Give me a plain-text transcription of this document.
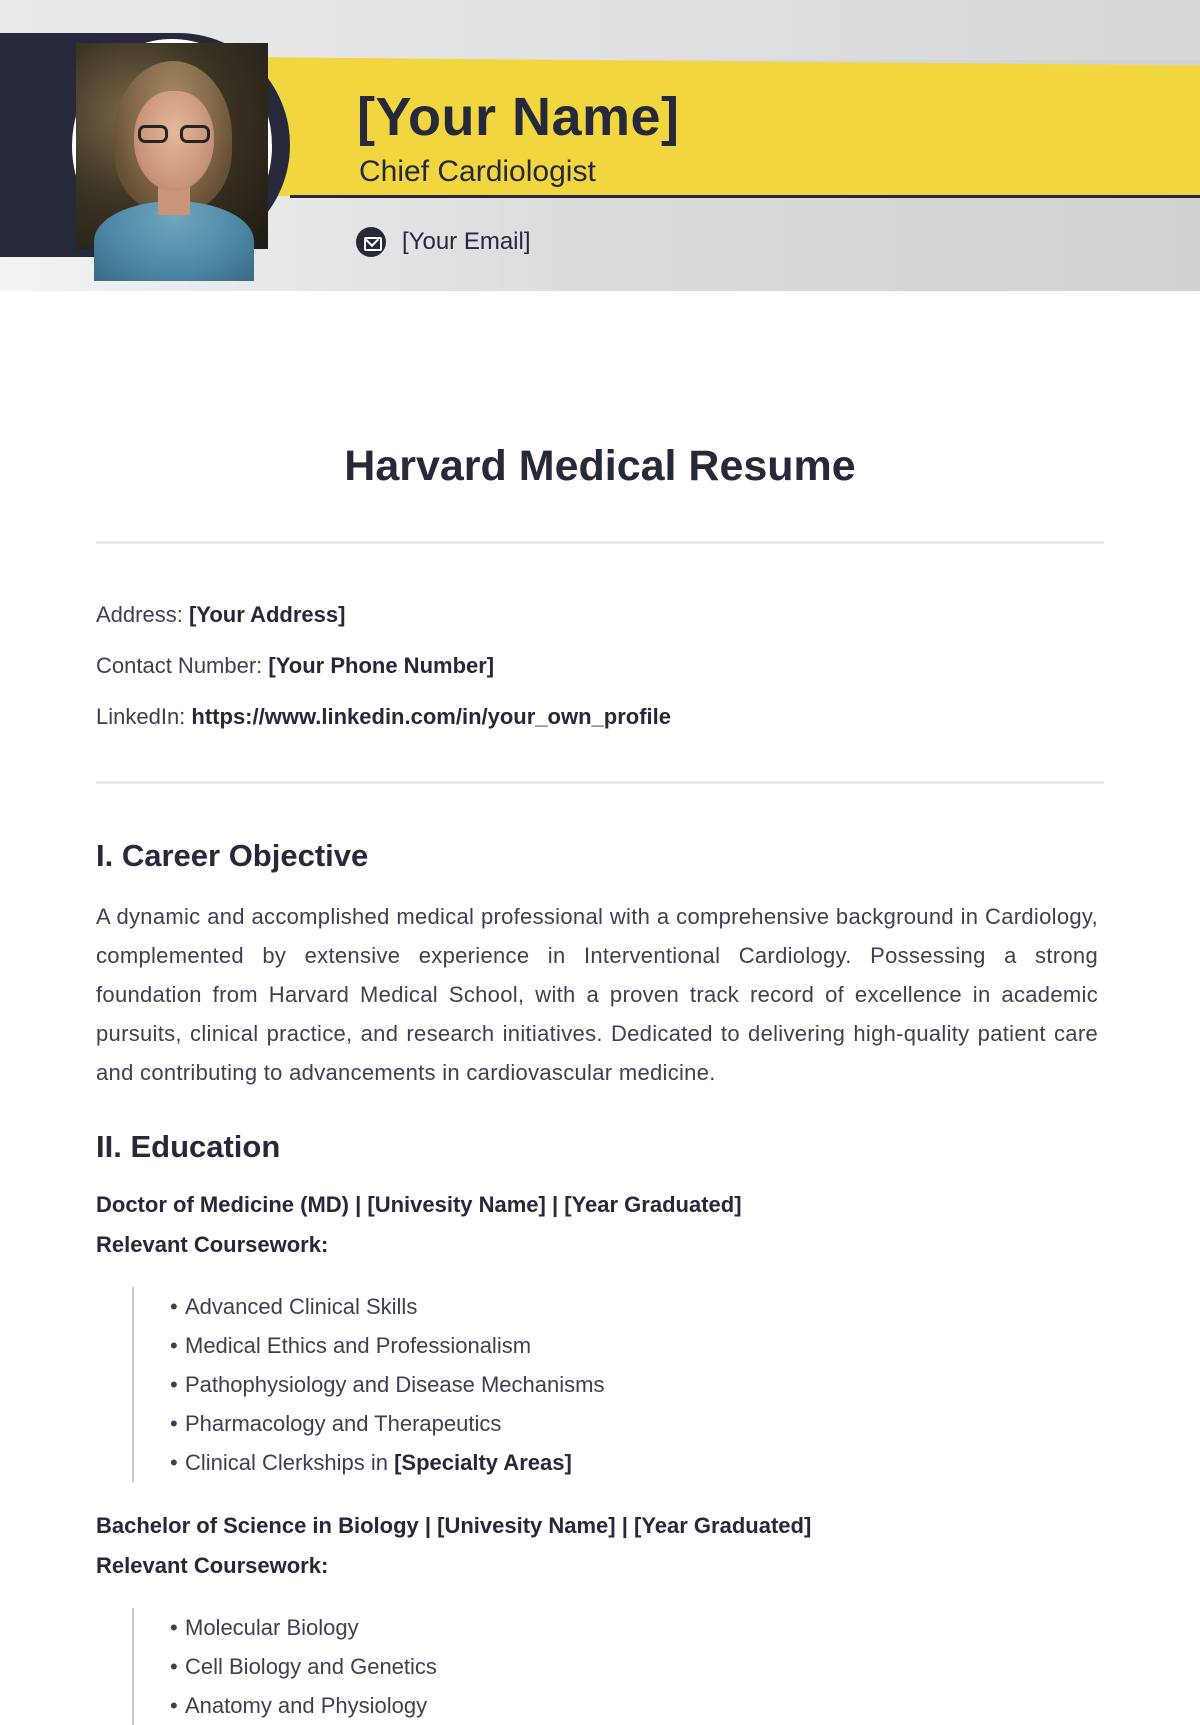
[Your Name]
Chief Cardiologist
[Your Email]
Harvard Medical Resume
Address: [Your Address]
Contact Number: [Your Phone Number]
LinkedIn: https://www.linkedin.com/in/your_own_profile
I. Career Objective

A dynamic and accomplished medical professional with a comprehensive background in Cardiology, complemented by extensive experience in Interventional Cardiology. Possessing a strong foundation from Harvard Medical School, with a proven track record of excellence in academic pursuits, clinical practice, and research initiatives. Dedicated to delivering high-quality patient care and contributing to advancements in cardiovascular medicine.

II. Education
Doctor of Medicine (MD) | [Univesity Name] | [Year Graduated]
Relevant Coursework:
• Advanced Clinical Skills
• Medical Ethics and Professionalism
• Pathophysiology and Disease Mechanisms
• Pharmacology and Therapeutics
• Clinical Clerkships in [Specialty Areas]
Bachelor of Science in Biology | [Univesity Name] | [Year Graduated]
Relevant Coursework:
• Molecular Biology
• Cell Biology and Genetics
• Anatomy and Physiology
